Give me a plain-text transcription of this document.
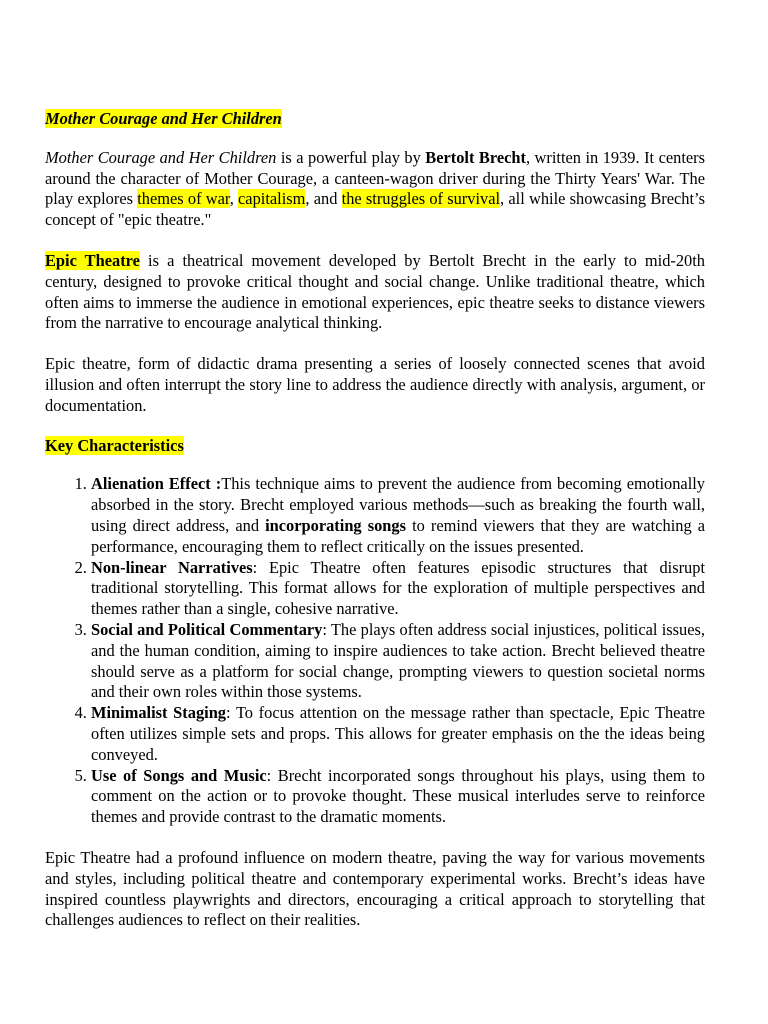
Mother Courage and Her Children

Mother Courage and Her Children is a powerful play by Bertolt Brecht, written in 1939. It centers around the character of Mother Courage, a canteen-wagon driver during the Thirty Years' War. The play explores themes of war, capitalism, and the struggles of survival, all while showcasing Brecht’s concept of "epic theatre."

Epic Theatre is a theatrical movement developed by Bertolt Brecht in the early to mid-20th century, designed to provoke critical thought and social change. Unlike traditional theatre, which often aims to immerse the audience in emotional experiences, epic theatre seeks to distance viewers from the narrative to encourage analytical thinking.

Epic theatre, form of didactic drama presenting a series of loosely connected scenes that avoid illusion and often interrupt the story line to address the audience directly with analysis, argument, or documentation.

Key Characteristics

1. Alienation Effect :This technique aims to prevent the audience from becoming emotionally absorbed in the story. Brecht employed various methods—such as breaking the fourth wall, using direct address, and incorporating songs to remind viewers that they are watching a performance, encouraging them to reflect critically on the issues presented.
2. Non-linear Narratives: Epic Theatre often features episodic structures that disrupt traditional storytelling. This format allows for the exploration of multiple perspectives and themes rather than a single, cohesive narrative.
3. Social and Political Commentary: The plays often address social injustices, political issues, and the human condition, aiming to inspire audiences to take action. Brecht believed theatre should serve as a platform for social change, prompting viewers to question societal norms and their own roles within those systems.
4. Minimalist Staging: To focus attention on the message rather than spectacle, Epic Theatre often utilizes simple sets and props. This allows for greater emphasis on the the ideas being conveyed.
5. Use of Songs and Music: Brecht incorporated songs throughout his plays, using them to comment on the action or to provoke thought. These musical interludes serve to reinforce themes and provide contrast to the dramatic moments.

Epic Theatre had a profound influence on modern theatre, paving the way for various movements and styles, including political theatre and contemporary experimental works. Brecht’s ideas have inspired countless playwrights and directors, encouraging a critical approach to storytelling that challenges audiences to reflect on their realities.
